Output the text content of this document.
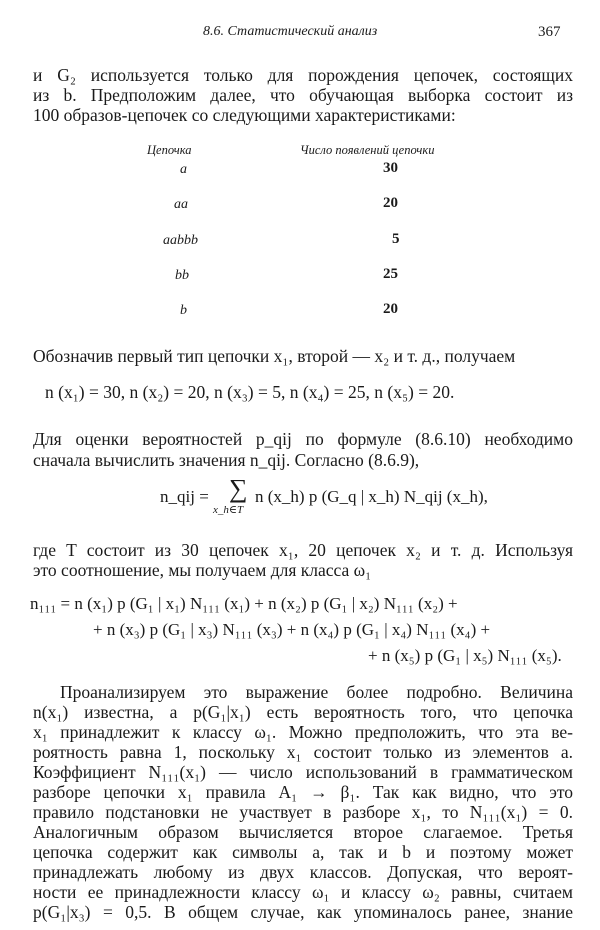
8.6. Статистический анализ	367
и G₂ используется только для порождения цепочек, состоящих
из b. Предположим далее, что обучающая выборка состоит из
100 образов-цепочек со следующими характеристиками:
Цепочка	Число появлений цепочки
a	30
aa	20
aabbb	5
bb	25
b	20
Обозначив первый тип цепочки x₁, второй — x₂ и т. д., получаем
n (x₁) = 30, n (x₂) = 20, n (x₃) = 5, n (x₄) = 25, n (x₅) = 20.
Для оценки вероятностей p_qij по формуле (8.6.10) необходимо
сначала вычислить значения n_qij. Согласно (8.6.9),
n_qij = ∑
x_h∈T
n (x_h) p (G_q | x_h) N_qij (x_h),
где T состоит из 30 цепочек x₁, 20 цепочек x₂ и т. д. Используя
это соотношение, мы получаем для класса ω₁
n₁₁₁ = n (x₁) p (G₁ | x₁) N₁₁₁ (x₁) + n (x₂) p (G₁ | x₂) N₁₁₁ (x₂) +
+ n (x₃) p (G₁ | x₃) N₁₁₁ (x₃) + n (x₄) p (G₁ | x₄) N₁₁₁ (x₄) +
+ n (x₅) p (G₁ | x₅) N₁₁₁ (x₅).
Проанализируем это выражение более подробно. Величина
n(x₁) известна, а p(G₁|x₁) есть вероятность того, что цепочка
x₁ принадлежит к классу ω₁. Можно предположить, что эта ве-
роятность равна 1, поскольку x₁ состоит только из элементов a.
Коэффициент N₁₁₁(x₁) — число использований в грамматическом
разборе цепочки x₁ правила A₁ → β₁. Так как видно, что это
правило подстановки не участвует в разборе x₁, то N₁₁₁(x₁) = 0.
Аналогичным образом вычисляется второе слагаемое. Третья
цепочка содержит как символы a, так и b и поэтому может
принадлежать любому из двух классов. Допуская, что вероят-
ности ее принадлежности классу ω₁ и классу ω₂ равны, считаем
p(G₁|x₃) = 0,5. В общем случае, как упоминалось ранее, знание
